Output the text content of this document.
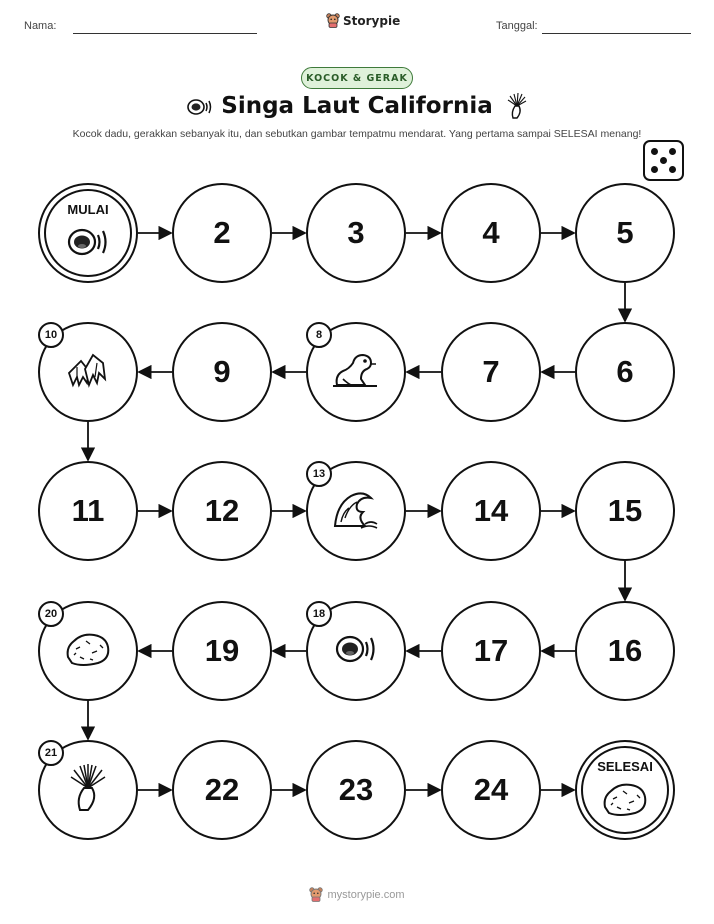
Nama:	Storypie	Tanggal:
KOCOK & GERAK
Singa Laut California
Kocok dadu, gerakkan sebanyak itu, dan sebutkan gambar tempatmu mendarat. Yang pertama sampai SELESAI menang!
MULAI
2	3	4	5
6
7
8
9
10
11	12
13
14	15
16
17
18
19
20
21
22	23	24
SELESAI
mystorypie.com
